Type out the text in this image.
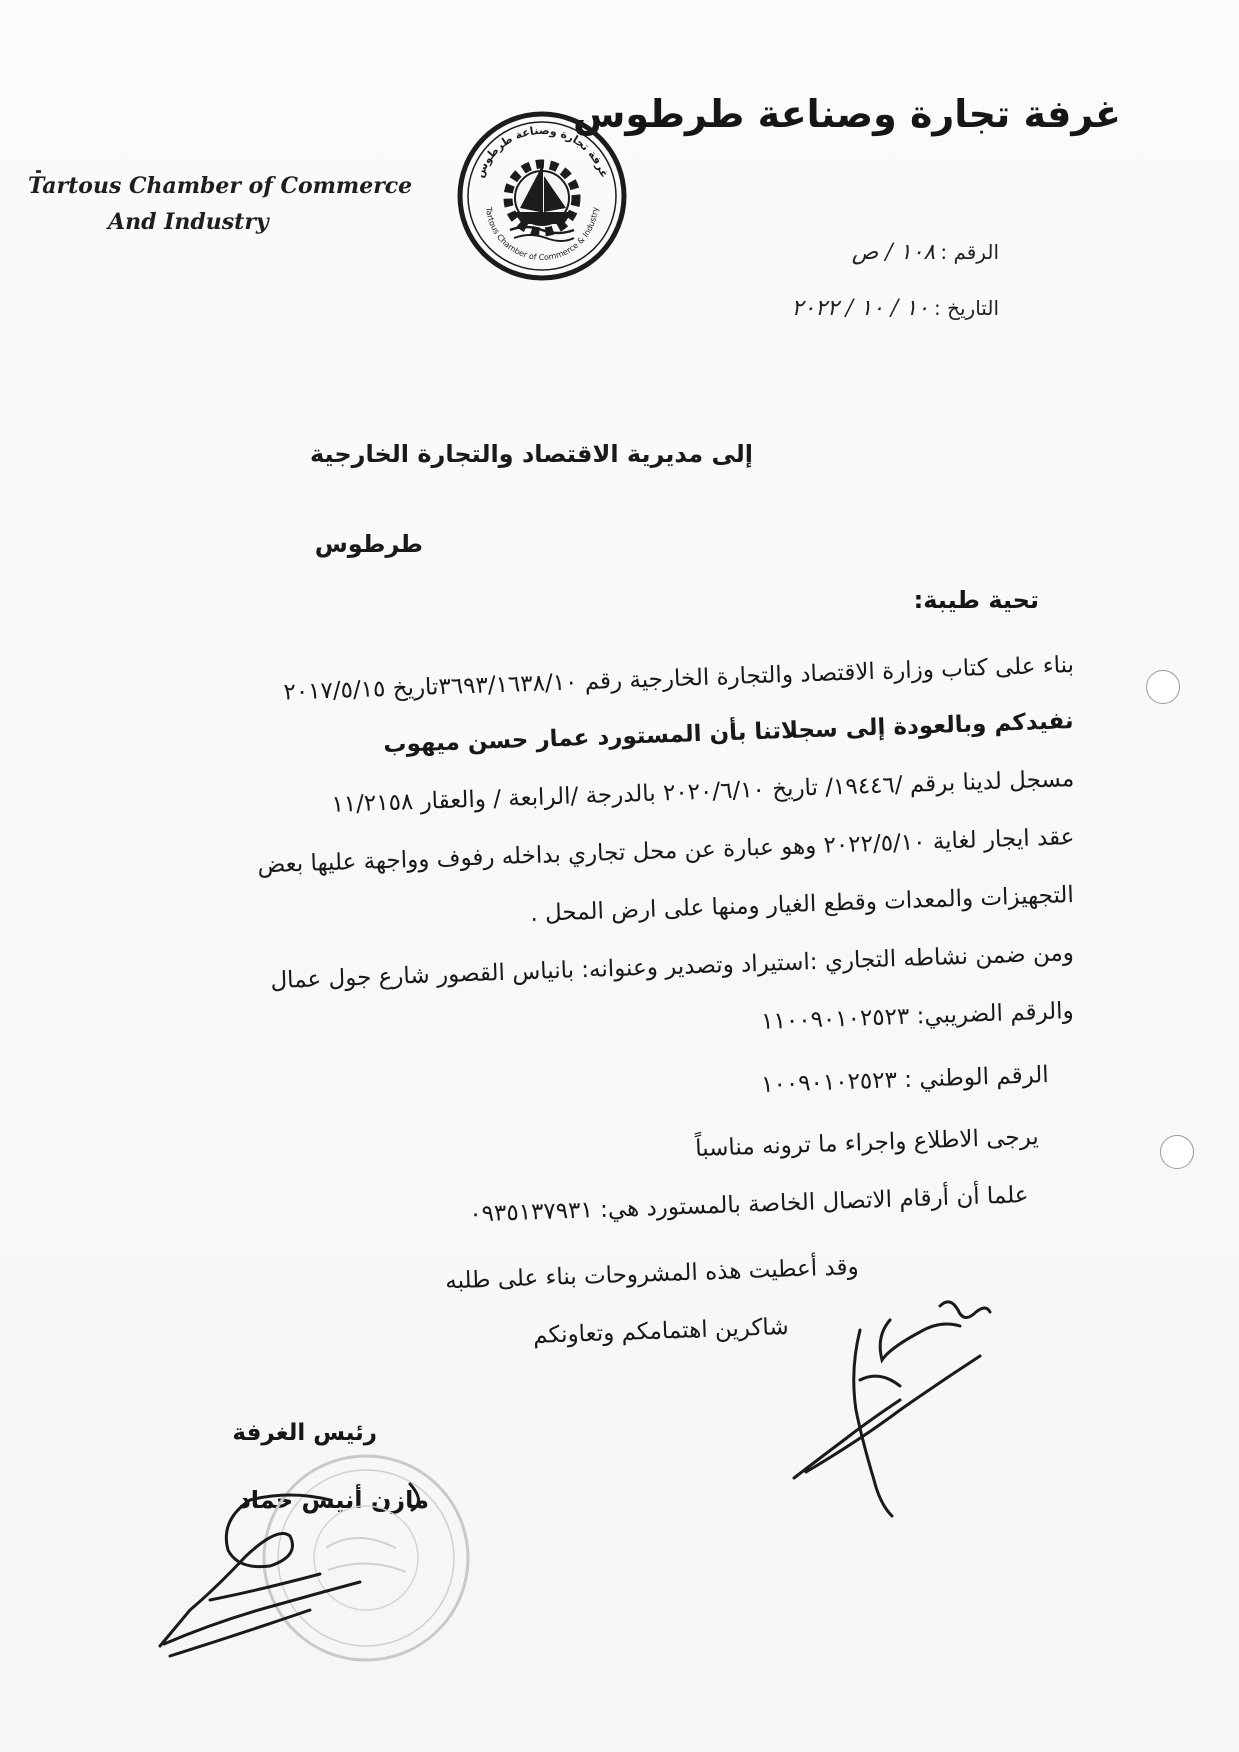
Tartous Chamber of Commerce
And Industry
غرفة تجارة وصناعة طرطوس
غرفة تجارة وصناعة طرطوس
Tartous Chamber of Commerce & Industry
الرقم : ١٠٨ / ص
التاريخ : ١٠ / ١٠ / ٢٠٢٢
إلى مديرية الاقتصاد والتجارة الخارجية
طرطوس
تحية طيبة:
بناء على كتاب وزارة الاقتصاد والتجارة الخارجية رقم ٣٦٩٣/١٦٣٨/١٠تاريخ ٢٠١٧/٥/١٥
نفيدكم وبالعودة إلى سجلاتنا بأن المستورد عمار حسن ميهوب
مسجل لدينا برقم /١٩٤٤٦/ تاريخ ٢٠٢٠/٦/١٠ بالدرجة /الرابعة / والعقار ١١/٢١٥٨
عقد ايجار لغاية ٢٠٢٢/٥/١٠ وهو عبارة عن محل تجاري بداخله رفوف وواجهة عليها بعض
التجهيزات والمعدات وقطع الغيار ومنها على ارض المحل .
ومن ضمن نشاطه التجاري :استيراد وتصدير وعنوانه: بانياس القصور شارع جول عمال
والرقم الضريبي: ١١٠٠٩٠١٠٢٥٢٣
الرقم الوطني : ١٠٠٩٠١٠٢٥٢٣
يرجى الاطلاع واجراء ما ترونه مناسباً
علما أن أرقام الاتصال الخاصة بالمستورد هي: ٠٩٣٥١٣٧٩٣١
وقد أعطيت هذه المشروحات بناء على طلبه
شاكرين اهتمامكم وتعاونكم
رئيس الغرفة
مازن أنيس حماد
